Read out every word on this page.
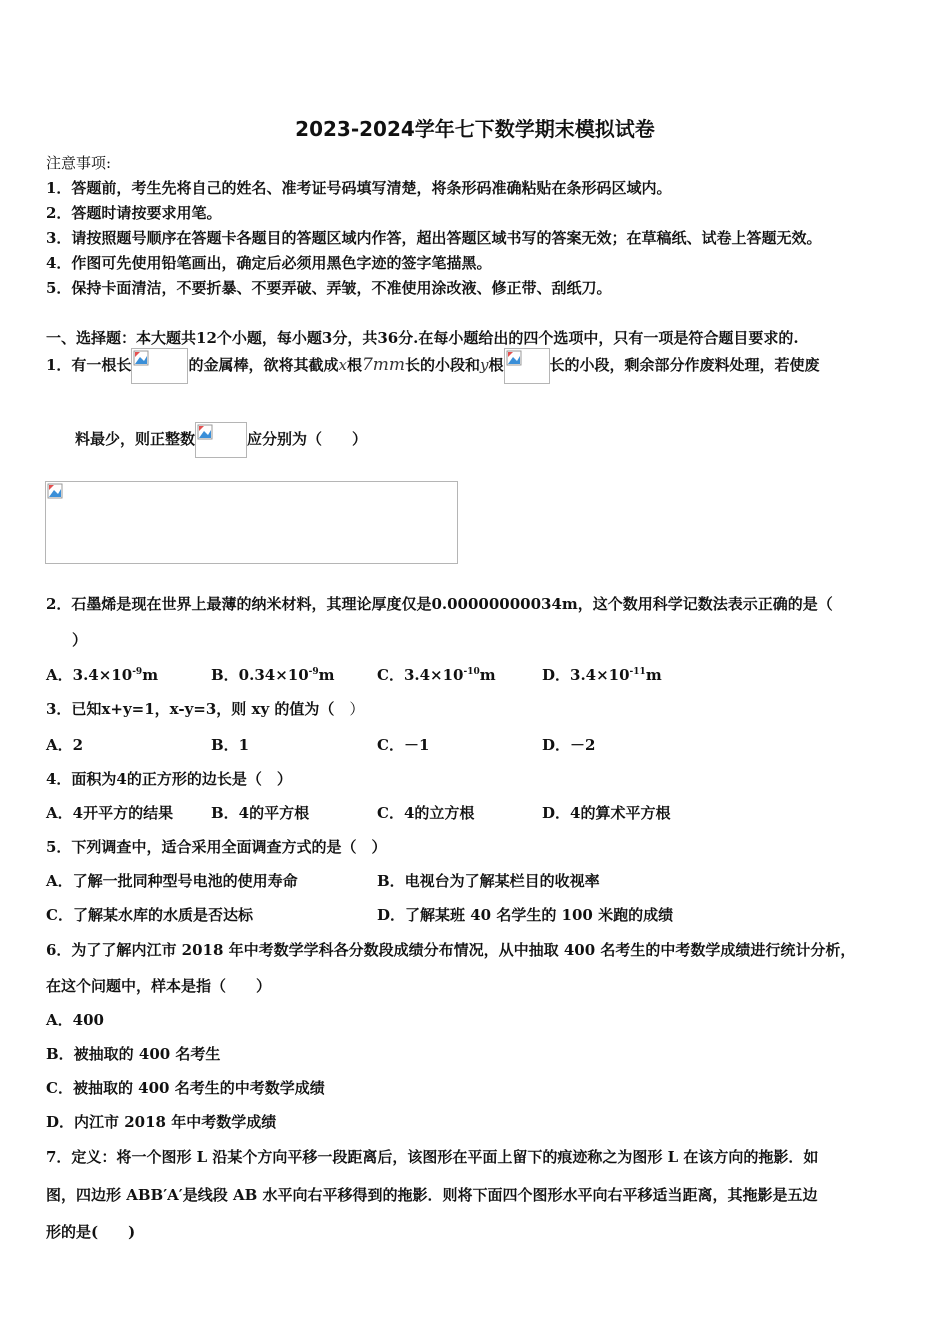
2023-2024学年七下数学期末模拟试卷
注意事项:
1．答题前，考生先将自己的姓名、准考证号码填写清楚，将条形码准确粘贴在条形码区域内。
2．答题时请按要求用笔。
3．请按照题号顺序在答题卡各题目的答题区域内作答，超出答题区域书写的答案无效；在草稿纸、试卷上答题无效。
4．作图可先使用铅笔画出，确定后必须用黑色字迹的签字笔描黑。
5．保持卡面清洁，不要折暴、不要弄破、弄皱，不准使用涂改液、修正带、刮纸刀。
一、选择题：本大题共12个小题，每小题3分，共36分.在每小题给出的四个选项中，只有一项是符合题目要求的.
1．有一根长	的金属棒，欲将其截成x根7mm长的小段和y根	长的小段，剩余部分作废料处理，若使废
料最少，则正整数	应分别为（　　）
2．石墨烯是现在世界上最薄的纳米材料，其理论厚度仅是0.00000000034m，这个数用科学记数法表示正确的是（
）
A．$3.4\times 10^{-9}m$	B．$0.34\times 10^{-9}m$	C．$3.4\times 10^{-10}m$	D．$3.4\times 10^{-11}m$
3．已知x+y=1，x-y=3，则 xy 的值为（　）
A．2	B．1	C．－1	D．－2
4．面积为4的正方形的边长是（　）
A．4开平方的结果	B．4的平方根	C．4的立方根	D．4的算术平方根
5．下列调查中，适合采用全面调查方式的是（　）
A．了解一批同种型号电池的使用寿命	B．电视台为了解某栏目的收视率
C．了解某水库的水质是否达标	D．了解某班 40 名学生的 100 米跑的成绩
6．为了了解内江市 2018 年中考数学学科各分数段成绩分布情况，从中抽取 400 名考生的中考数学成绩进行统计分析，
在这个问题中，样本是指（　　）
A．400
B．被抽取的 400 名考生
C．被抽取的 400 名考生的中考数学成绩
D．内江市 2018 年中考数学成绩
7．定义：将一个图形 L 沿某个方向平移一段距离后，该图形在平面上留下的痕迹称之为图形 L 在该方向的拖影．如
图，四边形 ABB′A′是线段 AB 水平向右平移得到的拖影．则将下面四个图形水平向右平移适当距离，其拖影是五边
形的是(　　)
